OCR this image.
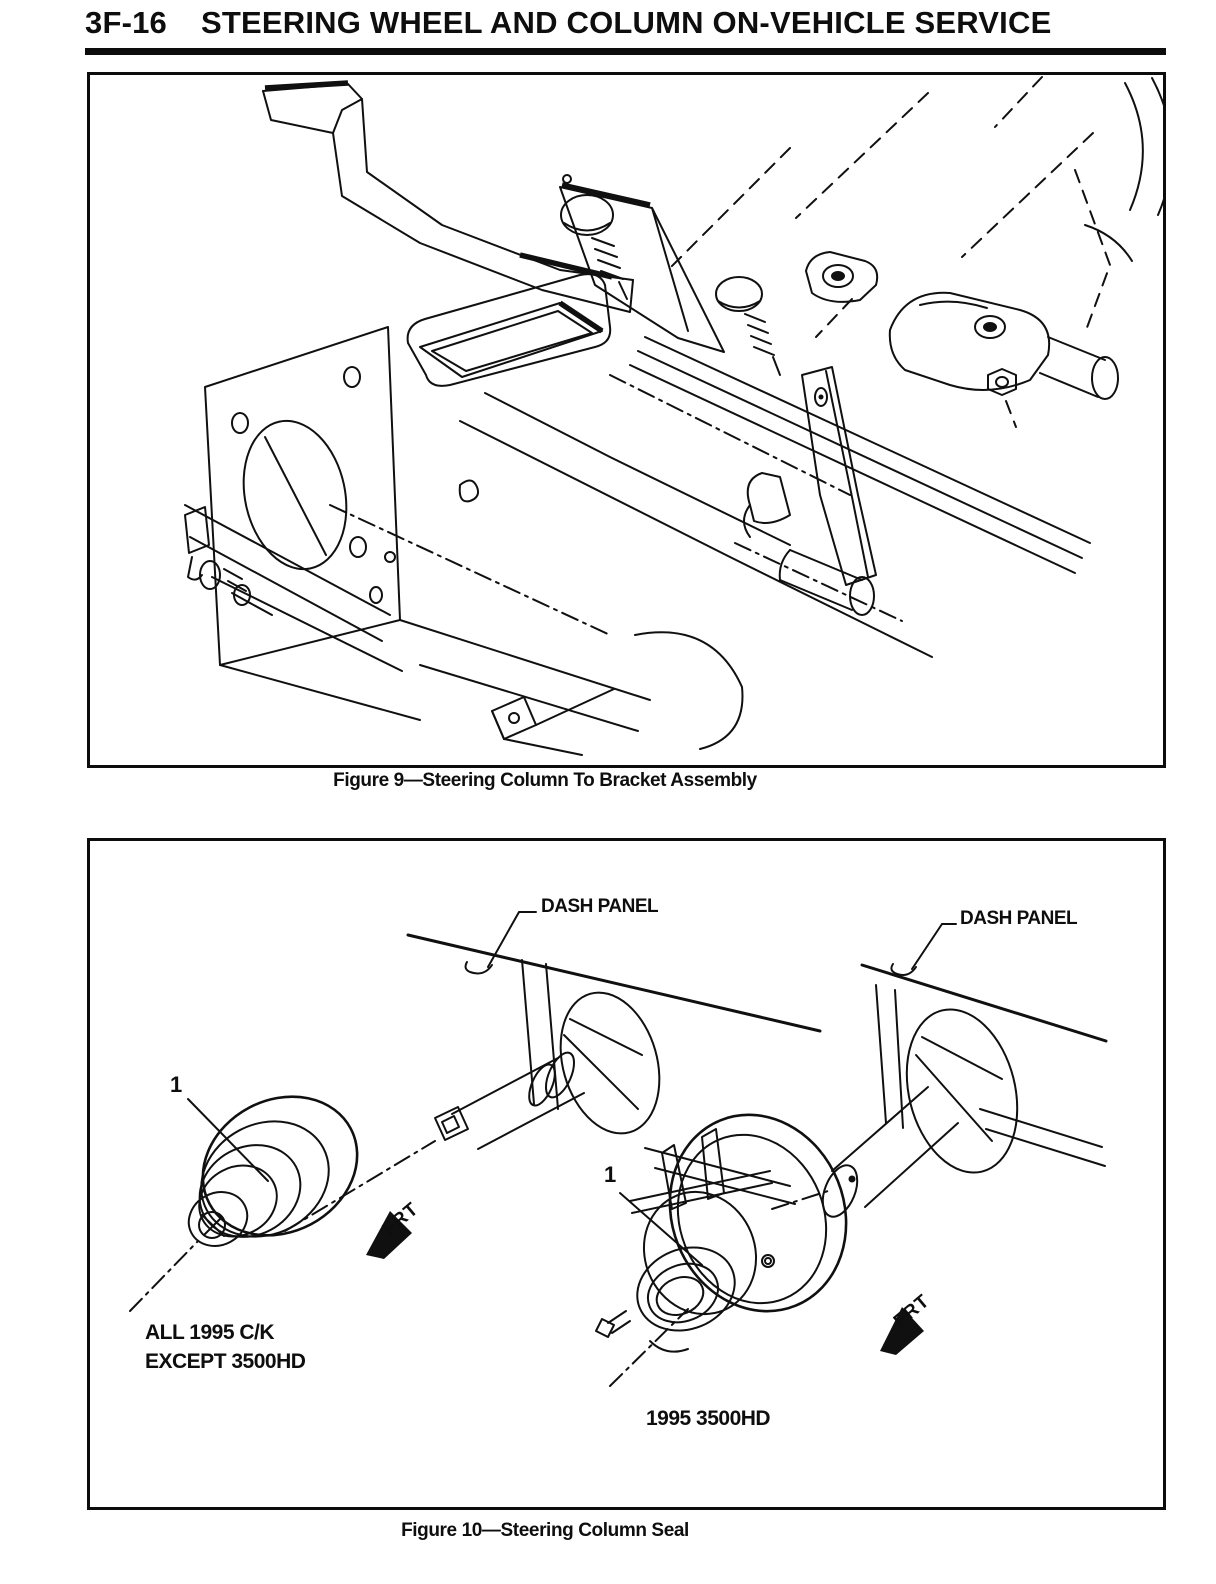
3F-16 STEERING WHEEL AND COLUMN ON-VEHICLE SERVICE
Figure 9—Steering Column To Bracket Assembly
DASH PANEL
DASH PANEL
1
1
FRT
FRT
ALL 1995 C/K
EXCEPT 3500HD
1995 3500HD
Figure 10—Steering Column Seal
